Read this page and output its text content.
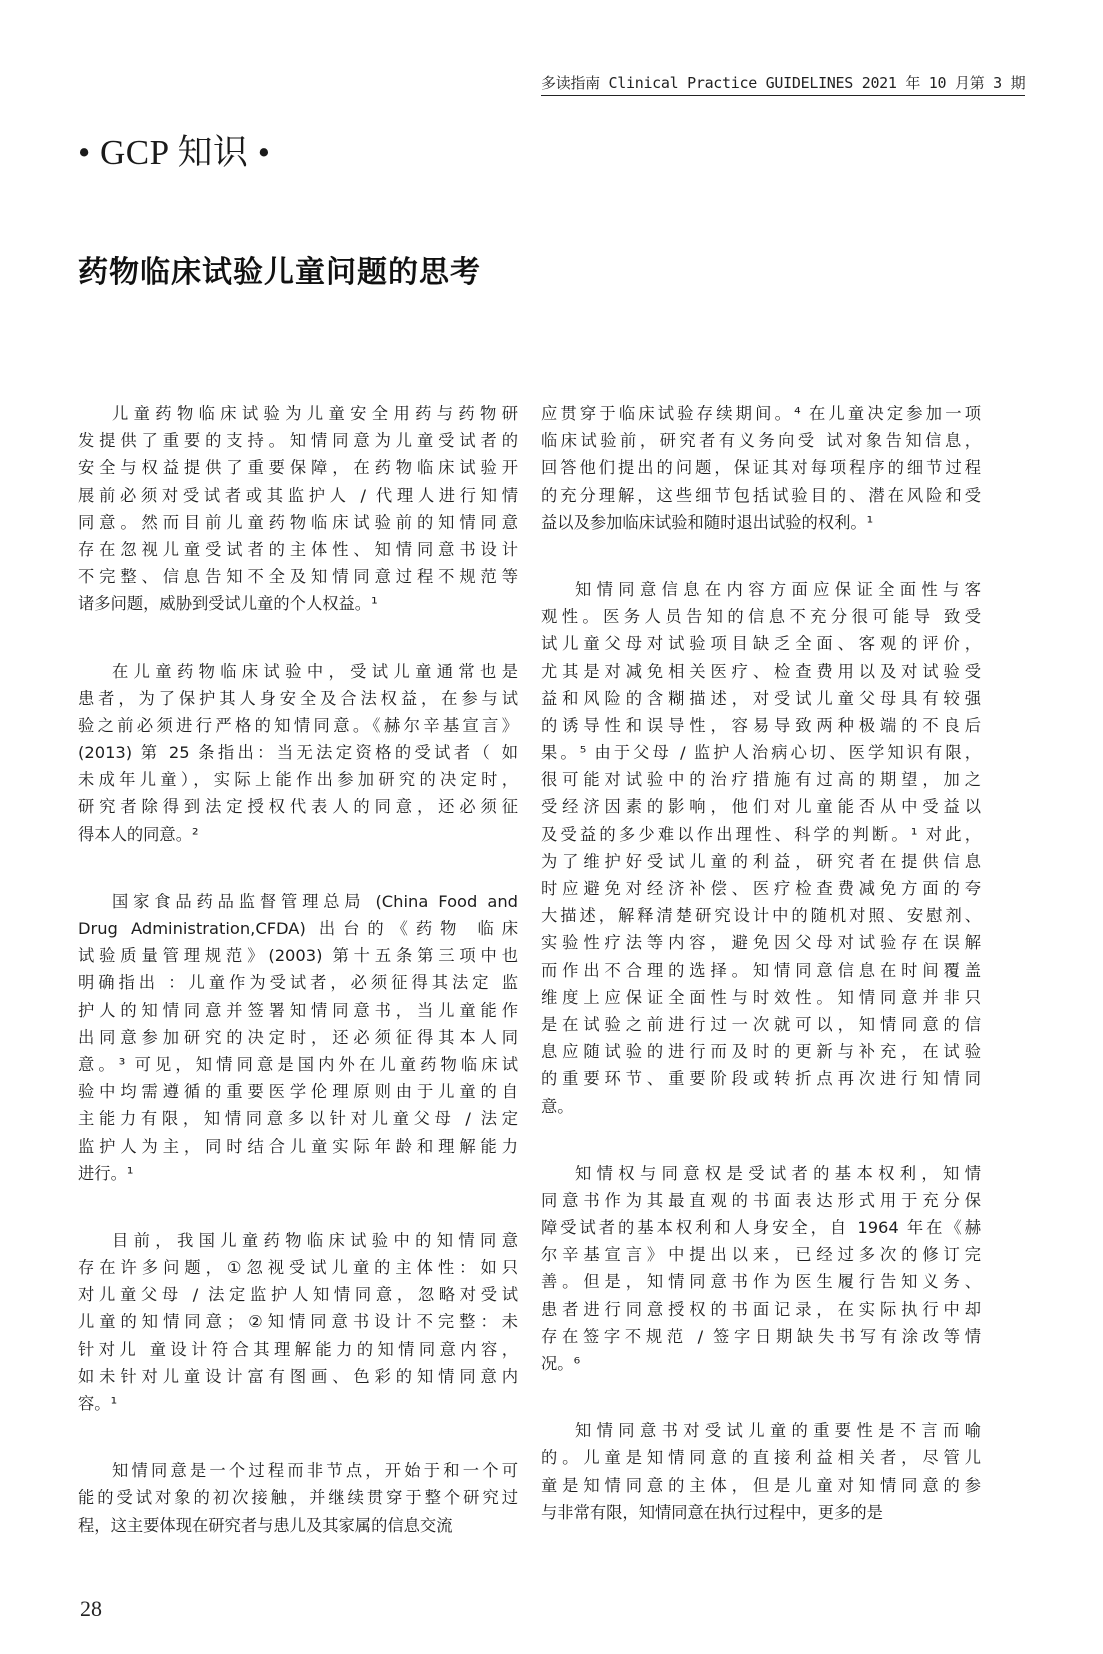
多读指南 Clinical Practice GUIDELINES 2021 年 10 月第 3 期
• GCP 知识 •
药物临床试验儿童问题的思考

儿童药物临床试验为儿童安全用药与药物研
发提供了重要的支持。知情同意为儿童受试者的
安全与权益提供了重要保障，在药物临床试验开
展前必须对受试者或其监护人 / 代理人进行知情
同意。然而目前儿童药物临床试验前的知情同意
存在忽视儿童受试者的主体性、知情同意书设计
不完整、信息告知不全及知情同意过程不规范等
诸多问题，威胁到受试儿童的个人权益。¹

在儿童药物临床试验中，受试儿童通常也是
患者，为了保护其人身安全及合法权益，在参与试
验之前必须进行严格的知情同意。《赫尔辛基宣言》
(2013) 第 25 条指出：当无法定资格的受试者（ 如
未成年儿童），实际上能作出参加研究的决定时，
研究者除得到法定授权代表人的同意，还必须征
得本人的同意。²

国家食品药品监督管理总局 (China Food and
Drug Administration,CFDA) 出台的《药物 临床
试验质量管理规范》(2003) 第十五条第三项中也
明确指出 ：儿童作为受试者，必须征得其法定 监
护人的知情同意并签署知情同意书，当儿童能作
出同意参加研究的决定时，还必须征得其本人同
意。³ 可见，知情同意是国内外在儿童药物临床试
验中均需遵循的重要医学伦理原则由于儿童的自
主能力有限，知情同意多以针对儿童父母 / 法定
监护人为主，同时结合儿童实际年龄和理解能力
进行。¹

目前，我国儿童药物临床试验中的知情同意
存在许多问题，①忽视受试儿童的主体性：如只
对儿童父母 / 法定监护人知情同意，忽略对受试
儿童的知情同意；②知情同意书设计不完整：未
针对儿 童设计符合其理解能力的知情同意内容，
如未针对儿童设计富有图画、色彩的知情同意内
容。¹

知情同意是一个过程而非节点，开始于和一个可
能的受试对象的初次接触，并继续贯穿于整个研究过
程，这主要体现在研究者与患儿及其家属的信息交流

应贯穿于临床试验存续期间。⁴ 在儿童决定参加一项
临床试验前，研究者有义务向受 试对象告知信息，
回答他们提出的问题，保证其对每项程序的细节过程
的充分理解，这些细节包括试验目的、潜在风险和受
益以及参加临床试验和随时退出试验的权利。¹

知情同意信息在内容方面应保证全面性与客
观性。医务人员告知的信息不充分很可能导 致受
试儿童父母对试验项目缺乏全面、客观的评价，
尤其是对减免相关医疗、检查费用以及对试验受
益和风险的含糊描述，对受试儿童父母具有较强
的诱导性和误导性，容易导致两种极端的不良后
果。⁵ 由于父母 / 监护人治病心切、医学知识有限，
很可能对试验中的治疗措施有过高的期望，加之
受经济因素的影响，他们对儿童能否从中受益以
及受益的多少难以作出理性、科学的判断。¹ 对此，
为了维护好受试儿童的利益，研究者在提供信息
时应避免对经济补偿、医疗检查费减免方面的夸
大描述，解释清楚研究设计中的随机对照、安慰剂、
实验性疗法等内容，避免因父母对试验存在误解
而作出不合理的选择。知情同意信息在时间覆盖
维度上应保证全面性与时效性。知情同意并非只
是在试验之前进行过一次就可以，知情同意的信
息应随试验的进行而及时的更新与补充，在试验
的重要环节、重要阶段或转折点再次进行知情同
意。

知情权与同意权是受试者的基本权利，知情
同意书作为其最直观的书面表达形式用于充分保
障受试者的基本权利和人身安全，自 1964 年在《赫
尔辛基宣言》中提出以来，已经过多次的修订完
善。但是，知情同意书作为医生履行告知义务、
患者进行同意授权的书面记录，在实际执行中却
存在签字不规范 / 签字日期缺失书写有涂改等情
况。⁶

知情同意书对受试儿童的重要性是不言而喻
的。儿童是知情同意的直接利益相关者，尽管儿
童是知情同意的主体，但是儿童对知情同意的参
与非常有限，知情同意在执行过程中，更多的是

28
